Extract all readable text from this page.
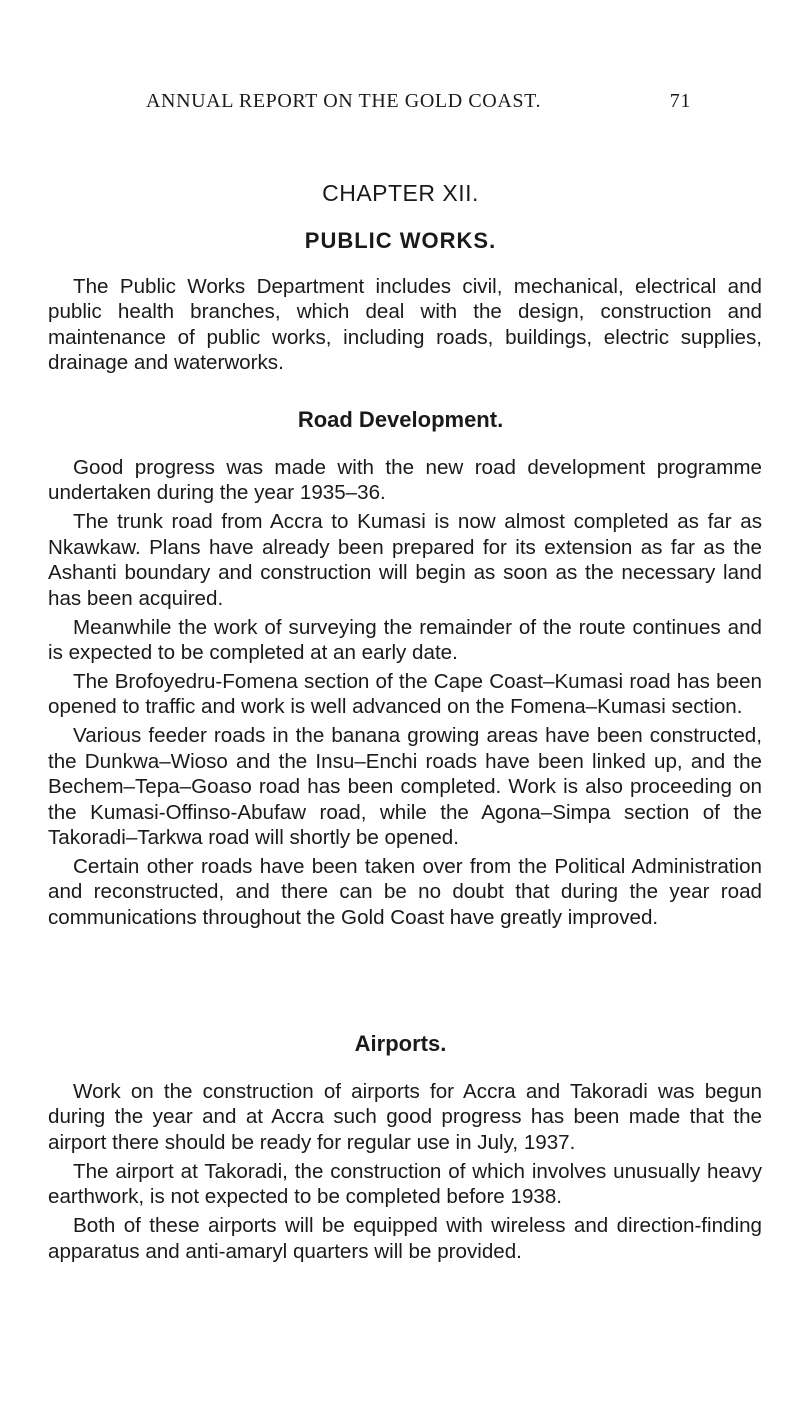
ANNUAL REPORT ON THE GOLD COAST.	71
CHAPTER XII.
PUBLIC WORKS.

The Public Works Department includes civil, mechanical, electrical and public health branches, which deal with the design, construction and maintenance of public works, including roads, buildings, electric supplies, drainage and waterworks.

Road Development.

Good progress was made with the new road development programme undertaken during the year 1935–36.

The trunk road from Accra to Kumasi is now almost completed as far as Nkawkaw. Plans have already been prepared for its extension as far as the Ashanti boundary and construction will begin as soon as the necessary land has been acquired.

Meanwhile the work of surveying the remainder of the route continues and is expected to be completed at an early date.

The Brofoyedru-Fomena section of the Cape Coast–Kumasi road has been opened to traffic and work is well advanced on the Fomena–Kumasi section.

Various feeder roads in the banana growing areas have been constructed, the Dunkwa–Wioso and the Insu–Enchi roads have been linked up, and the Bechem–Tepa–Goaso road has been completed. Work is also proceeding on the Kumasi-Offinso-Abufaw road, while the Agona–Simpa section of the Takoradi–Tarkwa road will shortly be opened.

Certain other roads have been taken over from the Political Administration and reconstructed, and there can be no doubt that during the year road communications throughout the Gold Coast have greatly improved.

Airports.

Work on the construction of airports for Accra and Takoradi was begun during the year and at Accra such good progress has been made that the airport there should be ready for regular use in July, 1937.

The airport at Takoradi, the construction of which involves unusually heavy earthwork, is not expected to be completed before 1938.

Both of these airports will be equipped with wireless and direction-finding apparatus and anti-amaryl quarters will be provided.
